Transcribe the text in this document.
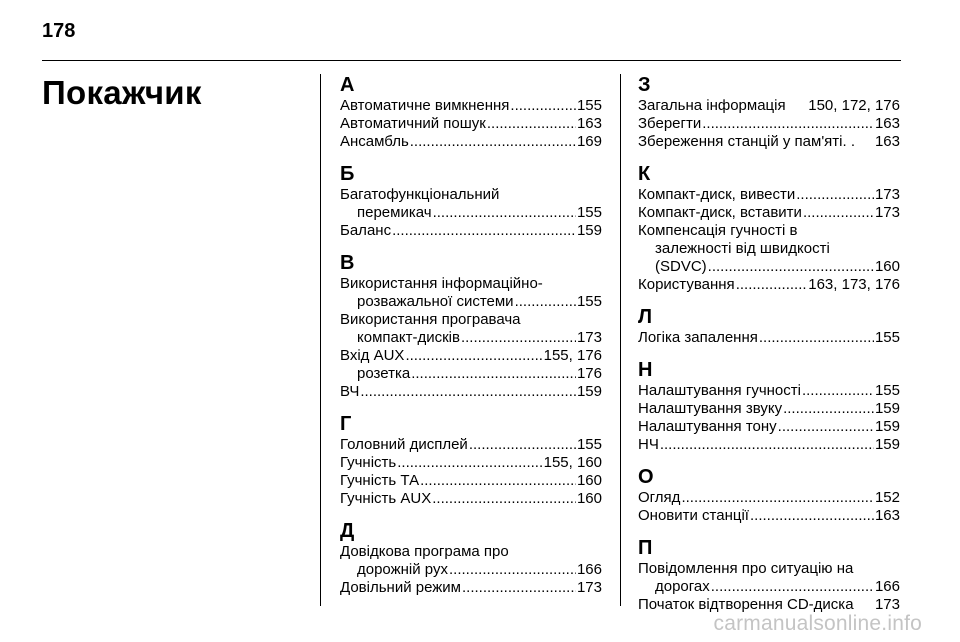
178
Покажчик	А
Автоматичне вимкнення .....	155
Автоматичний пошук .....	163
Ансамбль .....	169
Б
Багатофункціональний
перемикач .....	155
Баланс .....	159
В
Використання інформаційно-
розважальної системи .....	155
Використання програвача
компакт-дисків .....	173
Вхід AUX .....	155, 176
розетка .....	176
ВЧ .....	159
Г
Головний дисплей .....	155
Гучність .....	155, 160
Гучність ТА .....	160
Гучність AUX .....	160
Д
Довідкова програма про
дорожній рух .....	166
Довільний режим .....	173
З
Загальна інформація 150, 172, 176
Зберегти .....	163
Збереження станцій у пам'яті. . 163
К
Компакт-диск, вивести .....	173
Компакт-диск, вставити .....	173
Компенсація гучності в
залежності від швидкості
(SDVC) .....	160
Користування .....	163, 173, 176
Л
Логіка запалення .....	155
Н
Налаштування гучності .....	155
Налаштування звуку .....	159
Налаштування тону .....	159
НЧ .....	159
О
Огляд .....	152
Оновити станції .....	163
П
Повідомлення про ситуацію на
дорогах .....	166
Початок відтворення CD-диска 173
carmanualsonline.info
